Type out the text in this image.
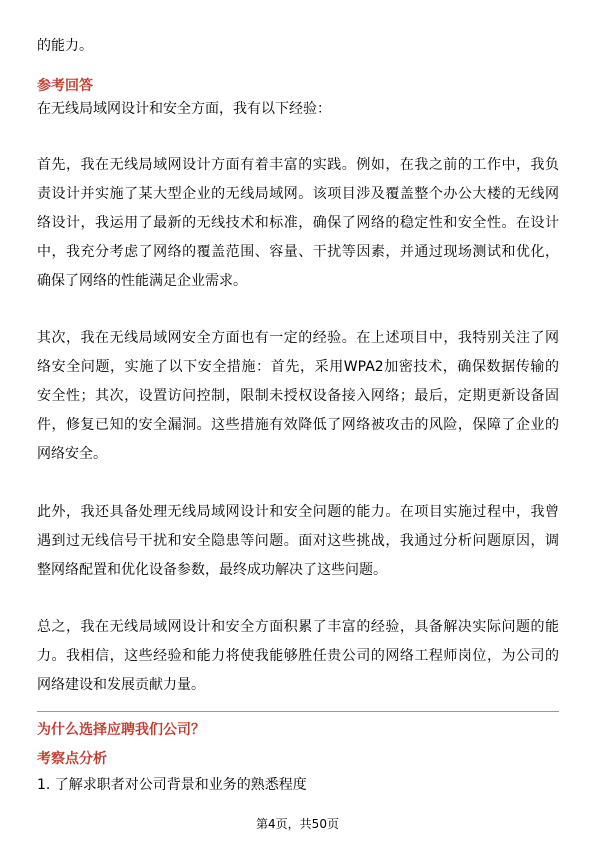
的能力。
参考回答
在无线局域网设计和安全方面，我有以下经验：
首先，我在无线局域网设计方面有着丰富的实践。例如，在我之前的工作中，我负
责设计并实施了某大型企业的无线局域网。该项目涉及覆盖整个办公大楼的无线网
络设计，我运用了最新的无线技术和标准，确保了网络的稳定性和安全性。在设计
中，我充分考虑了网络的覆盖范围、容量、干扰等因素，并通过现场测试和优化，
确保了网络的性能满足企业需求。
其次，我在无线局域网安全方面也有一定的经验。在上述项目中，我特别关注了网
络安全问题，实施了以下安全措施：首先，采用WPA2加密技术，确保数据传输的
安全性；其次，设置访问控制，限制未授权设备接入网络；最后，定期更新设备固
件，修复已知的安全漏洞。这些措施有效降低了网络被攻击的风险，保障了企业的
网络安全。
此外，我还具备处理无线局域网设计和安全问题的能力。在项目实施过程中，我曾
遇到过无线信号干扰和安全隐患等问题。面对这些挑战，我通过分析问题原因，调
整网络配置和优化设备参数，最终成功解决了这些问题。
总之，我在无线局域网设计和安全方面积累了丰富的经验，具备解决实际问题的能
力。我相信，这些经验和能力将使我能够胜任贵公司的网络工程师岗位，为公司的
网络建设和发展贡献力量。
为什么选择应聘我们公司？
考察点分析
1. 了解求职者对公司背景和业务的熟悉程度
第4页，共50页
